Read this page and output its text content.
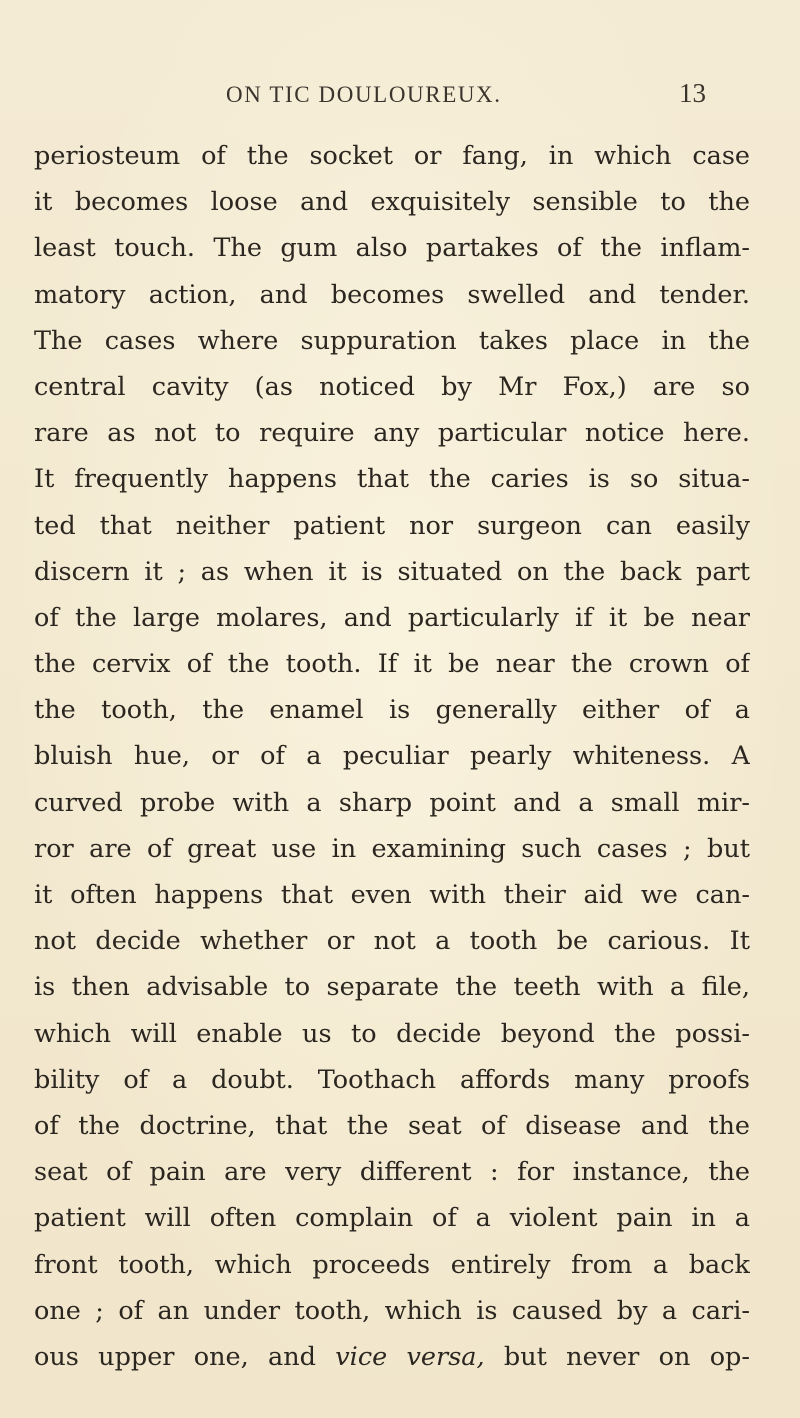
ON TIC DOULOUREUX.	13
periosteum of the socket or fang, in which case
it becomes loose and exquisitely sensible to the
least touch. The gum also partakes of the inflam-
matory action, and becomes swelled and tender.
The cases where suppuration takes place in the
central cavity (as noticed by Mr Fox,) are so
rare as not to require any particular notice here.
It frequently happens that the caries is so situa-
ted that neither patient nor surgeon can easily
discern it ; as when it is situated on the back part
of the large molares, and particularly if it be near
the cervix of the tooth. If it be near the crown of
the tooth, the enamel is generally either of a
bluish hue, or of a peculiar pearly whiteness. A
curved probe with a sharp point and a small mir-
ror are of great use in examining such cases ; but
it often happens that even with their aid we can-
not decide whether or not a tooth be carious. It
is then advisable to separate the teeth with a file,
which will enable us to decide beyond the possi-
bility of a doubt. Toothach affords many proofs
of the doctrine, that the seat of disease and the
seat of pain are very different : for instance, the
patient will often complain of a violent pain in a
front tooth, which proceeds entirely from a back
one ; of an under tooth, which is caused by a cari-
ous upper one, and vice versa, but never on op-
